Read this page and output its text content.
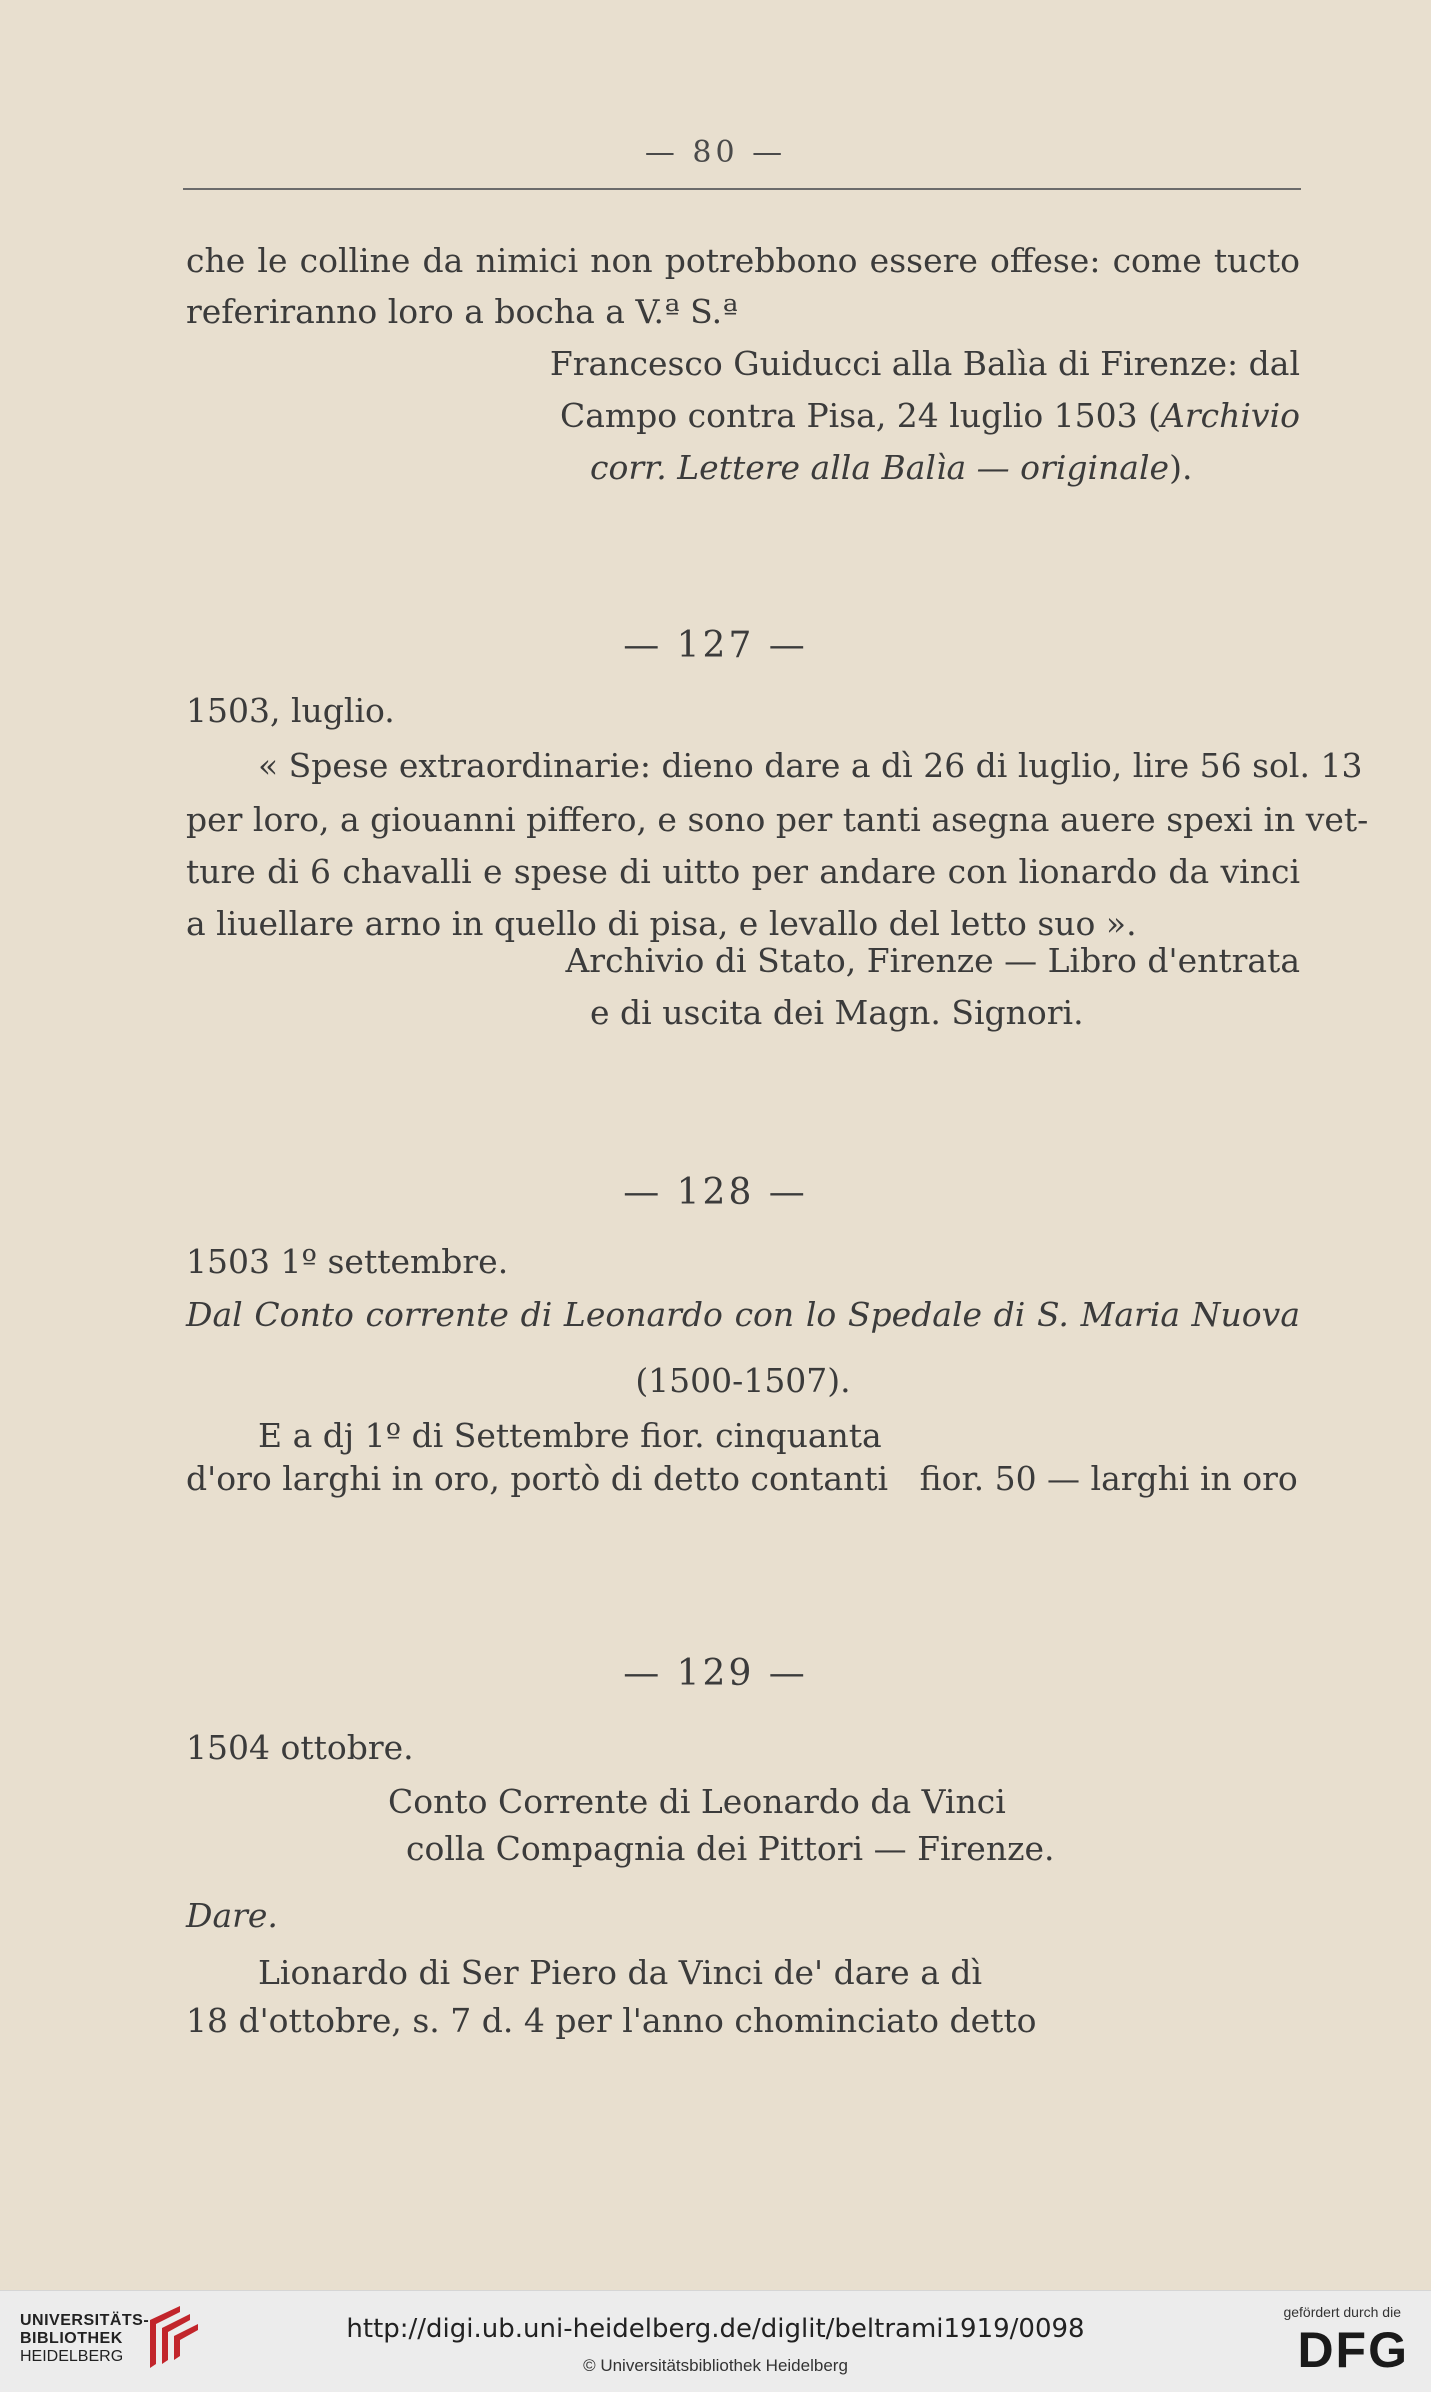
— 80 —
che le colline da nimici non potrebbono essere offese: come tucto
referiranno loro a bocha a V.ª S.ª
Francesco Guiducci alla Balìa di Firenze: dal
Campo contra Pisa, 24 luglio 1503 (Archivio
corr. Lettere alla Balìa — originale).
— 127 —
1503, luglio.
« Spese extraordinarie: dieno dare a dì 26 di luglio, lire 56 sol. 13
per loro, a giouanni piffero, e sono per tanti asegna auere spexi in vet-
ture di 6 chavalli e spese di uitto per andare con lionardo da vinci
a liuellare arno in quello di pisa, e levallo del letto suo ».
Archivio di Stato, Firenze — Libro d'entrata
e di uscita dei Magn. Signori.
— 128 —
1503 1º settembre.
Dal Conto corrente di Leonardo con lo Spedale di S. Maria Nuova
(1500-1507).
E a dj 1º di Settembre fior. cinquanta
d'oro larghi in oro, portò di detto contanti   fior. 50 — larghi in oro
— 129 —
1504 ottobre.
Conto Corrente di Leonardo da Vinci
colla Compagnia dei Pittori — Firenze.
Dare.
Lionardo di Ser Piero da Vinci de' dare a dì
18 d'ottobre, s. 7 d. 4 per l'anno chominciato detto
UNIVERSITÄTS-
BIBLIOTHEK
HEIDELBERG
http://digi.ub.uni-heidelberg.de/diglit/beltrami1919/0098
© Universitätsbibliothek Heidelberg
gefördert durch die
DFG
